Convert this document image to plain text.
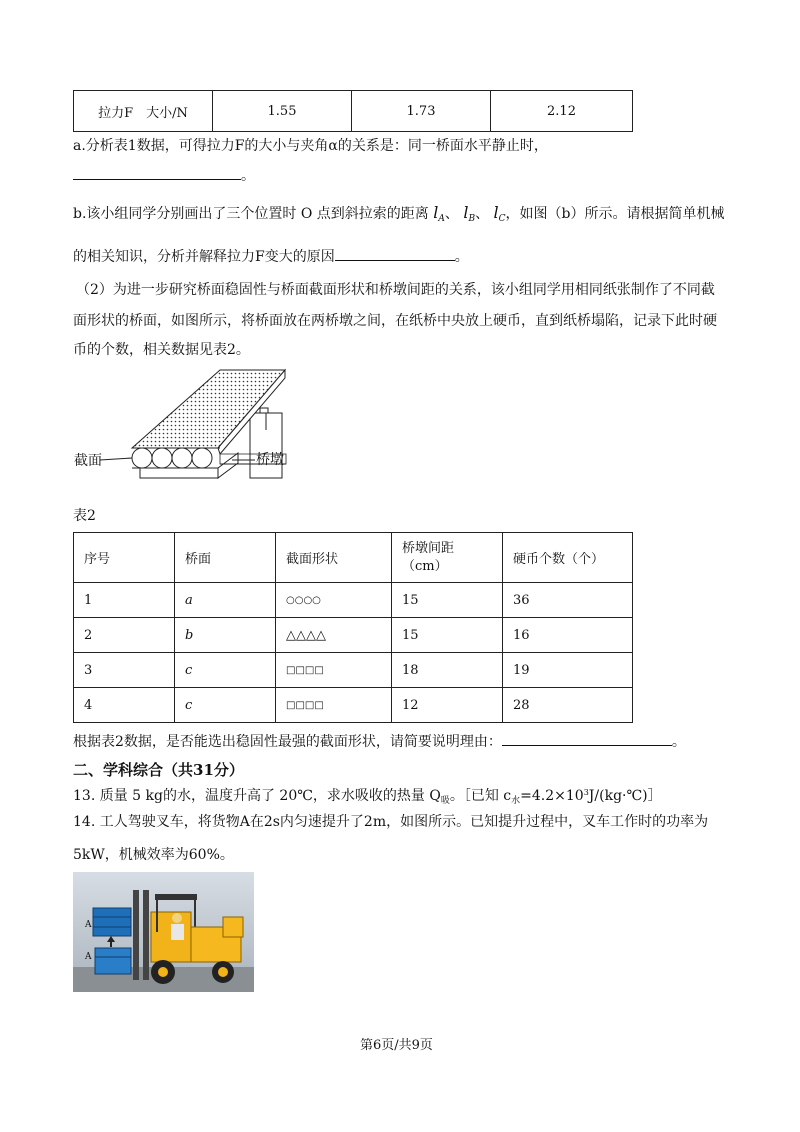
拉力F　大小/N	1.55	1.73	2.12
a.分析表1数据，可得拉力F的大小与夹角α的关系是：同一桥面水平静止时，
。
b.该小组同学分别画出了三个位置时 O 点到斜拉索的距离 $l_A$、 $l_B$、 $l_C$，如图（b）所示。请根据简单机械
的相关知识，分析并解释拉力F变大的原因	。
（2）为进一步研究桥面稳固性与桥面截面形状和桥墩间距的关系，该小组同学用相同纸张制作了不同截
面形状的桥面，如图所示，将桥面放在两桥墩之间，在纸桥中央放上硬币，直到纸桥塌陷，记录下此时硬
币的个数，相关数据见表2。
截面	桥墩
表2
序号	桥面	截面形状	桥墩间距（cm）	硬币个数（个）
1	a	○○○○	15	36
2	b	△△△△	15	16
3	c	□□□□	18	19
4	c	□□□□	12	28
根据表2数据，是否能选出稳固性最强的截面形状，请简要说明理由：	。
二、学科综合（共31分）
13. 质量 5 kg的水，温度升高了 20℃，求水吸收的热量 $Q_吸$。［已知 $c_水=4.2\times 10^3J/(kg\cdot℃)]$
14. 工人驾驶叉车，将货物A在2s内匀速提升了2m，如图所示。已知提升过程中，叉车工作时的功率为
5kW，机械效率为60%。
A
A
第6页/共9页
